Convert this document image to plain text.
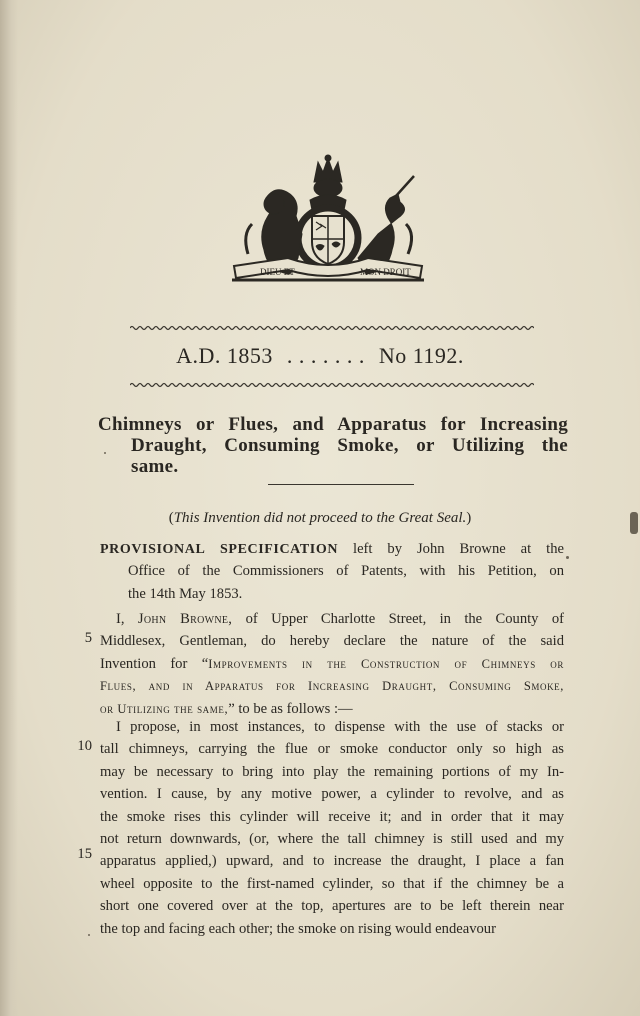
DIEU ET	MON DROIT
A.D. 1853 . . . . . . . No 1192.
Chimneys or Flues, and Apparatus for Increasing
Draught, Consuming Smoke, or Utilizing the
same.
(This Invention did not proceed to the Great Seal.)
PROVISIONAL SPECIFICATION left by John Browne at the
Office of the Commissioners of Patents, with his Petition, on
the 14th May 1853.
I, John Browne, of Upper Charlotte Street, in the County of
Middlesex, Gentleman, do hereby declare the nature of the said
Invention for “Improvements in the Construction of Chimneys or
Flues, and in Apparatus for Increasing Draught, Consuming Smoke,
or Utilizing the same,” to be as follows :—
I propose, in most instances, to dispense with the use of stacks or
tall chimneys, carrying the flue or smoke conductor only so high as
may be necessary to bring into play the remaining portions of my In-
vention. I cause, by any motive power, a cylinder to revolve, and as
the smoke rises this cylinder will receive it; and in order that it may
not return downwards, (or, where the tall chimney is still used and my
apparatus applied,) upward, and to increase the draught, I place a fan
wheel opposite to the first-named cylinder, so that if the chimney be a
short one covered over at the top, apertures are to be left therein near
the top and facing each other; the smoke on rising would endeavour
5
10
15
